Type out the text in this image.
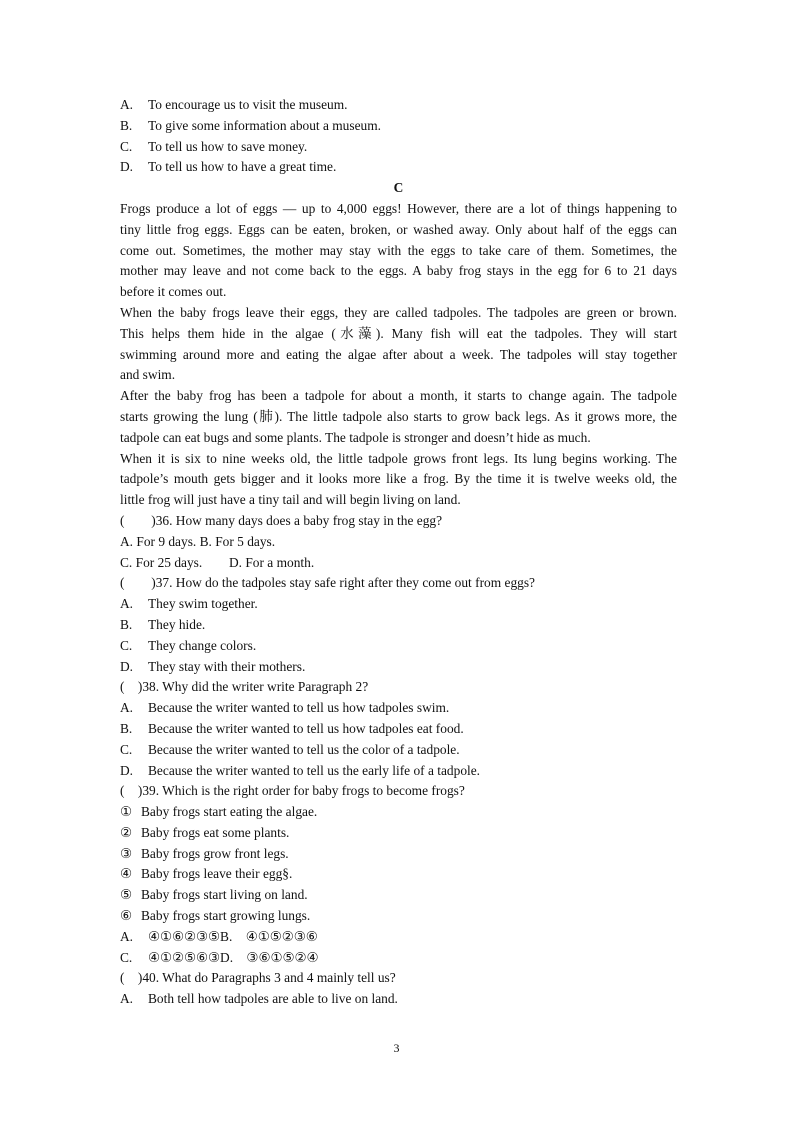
A.	To encourage us to visit the museum.
B.	To give some information about a museum.
C.	To tell us how to save money.
D.	To tell us how to have a great time.
C

Frogs produce a lot of eggs — up to 4,000 eggs! However, there are a lot of things happening to

tiny little frog eggs. Eggs can be eaten, broken, or washed away. Only about half of the eggs can

come out. Sometimes, the mother may stay with the eggs to take care of them. Sometimes, the

mother may leave and not come back to the eggs. A baby frog stays in the egg for 6 to 21 days

before it comes out.

When the baby frogs leave their eggs, they are called tadpoles. The tadpoles are green or brown.

This helps them hide in the algae (水藻). Many fish will eat the tadpoles. They will start

swimming around more and eating the algae after about a week. The tadpoles will stay together

and swim.

After the baby frog has been a tadpole for about a month, it starts to change again. The tadpole

starts growing the lung (肺). The little tadpole also starts to grow back legs. As it grows more, the

tadpole can eat bugs and some plants. The tadpole is stronger and doesn’t hide as much.

When it is six to nine weeks old, the little tadpole grows front legs. Its lung begins working. The

tadpole’s mouth gets bigger and it looks more like a frog. By the time it is twelve weeks old, the

little frog will just have a tiny tail and will begin living on land.

(　　)36. How many days does a baby frog stay in the egg?
A. For 9 days. B. For 5 days.
C. For 25 days.　　D. For a month.
(　　)37. How do the tadpoles stay safe right after they come out from eggs?
A.	They swim together.
B.	They hide.
C.	They change colors.
D.	They stay with their mothers.
(　)38. Why did the writer write Paragraph 2?
A.	Because the writer wanted to tell us how tadpoles swim.
B.	Because the writer wanted to tell us how tadpoles eat food.
C.	Because the writer wanted to tell us the color of a tadpole.
D.	Because the writer wanted to tell us the early life of a tadpole.
(　)39. Which is the right order for baby frogs to become frogs?
① Baby frogs start eating the algae.
② Baby frogs eat some plants.
③ Baby frogs grow front legs.
④ Baby frogs leave their egg§.
⑤ Baby frogs start living on land.
⑥ Baby frogs start growing lungs.
A.	④①⑥②③⑤B.　④①⑤②③⑥
C.	④①②⑤⑥③D.　③⑥①⑤②④
(　)40. What do Paragraphs 3 and 4 mainly tell us?
A.	Both tell how tadpoles are able to live on land.
3
